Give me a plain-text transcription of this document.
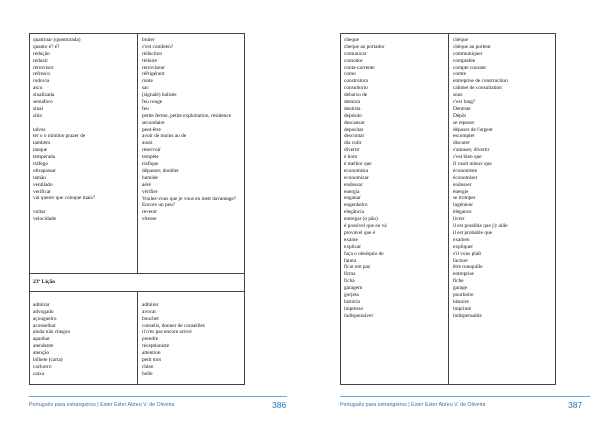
quatrinar (quenturada)
quanto é? é?
redução
reduzir
retrovisor
refresco
rodovia
asco
sinalizada
semáforo
sinal
sítio
talvez
ter o o mínimo prazer de
também
tanque
temperada
tráfego
ultrapassar
tamão
ventilado
verificar
vai querer que coloque mais?
voltar
velocidade
bruler
c'est combien?
réduction
réduire
retroviseur
réfrigérant
route
sac
(signalé) balisée
feu rouge
feu
petite ferme, petite exploitation, résidence secondaire
peut-être
avoir de moins au de
aussi
réservoir
tempête
trafique
dépasser, doubler
humide
aéré
vérifier
Voulez-vous que je vous en mett davantage? Encore un peu?
revenir
vitesse
23ª Lição
admirar
advogado
açougueiro
aconselhar
ainda não chegou
apanhar
atendente
atenção
bilhete (carta)
cachorro
caixa
admirer
avocat
boucher
conseils, donner de conseilles
il n'es pas encore arrivé
prendre
réceptioniste
attention
petit mot
chien
boîte
Português para estrangeiros | Ester Ester Abreu V. de Oliveira	386
cheque
cheque ao portador
comunicar
comodor
conta-corrente
como
construtora
consultorio
debaixo de
demora
dentista
depósito
descansar
depositar
descontar
dia cutir
divertir
é bom
é melhor que
economista
economizar
endossar
energia
enganar
engenheiro
elegância
entregar (o pão)
é possível que eu vá
provável que é
exame
explicar
faça o obséquio de
fatura
ficar em paz
firma
ficha
garagem
gorjeta
história
impresso
indispensável
chèque
chèque au porteur
communiquer
comptable
compte courant
comte
entreprise de construction
cabinet de consultation
sous
c'est long?
Dentiste
Dépôt
se reposer
déposer de l'argent
escompter
discuter
s'amuser, divertir
c'est bien que
Il vault mieux que
économiste
économiser
endosser
énergie
se tromper
ingénieur
élégance
livrer
il est possible que j'y aille
il est probable que
examen
expliquer
s'il vous plaît
facture
être tranquille
entreprise
fiche
garage
pourboire
histoire
imprimé
indispensable
Português para estrangeiros | Ester Ester Abreu V. de Oliveira	387
